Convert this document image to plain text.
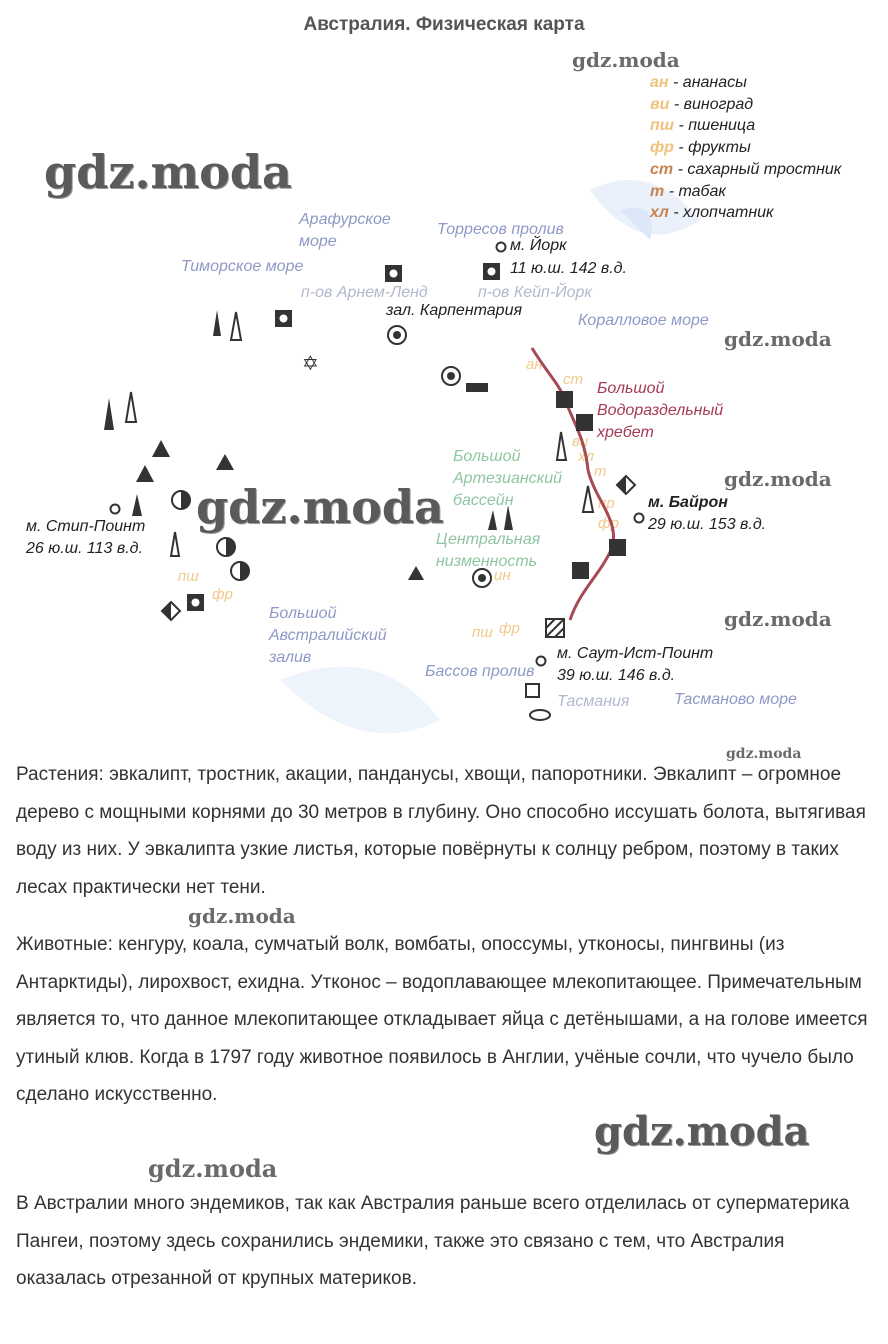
Австралия. Физическая карта
gdz.moda
gdz.moda
gdz.moda
gdz.moda
gdz.moda
gdz.moda
gdz.moda
gdz.moda
gdz.moda
gdz.moda
ан - ананасы
ви - виноград
пш - пшеница
фр - фрукты
ст - сахарный тростник
т - табак
хл - хлопчатник
Арафурское море
Торресов пролив
м. Йорк
11 ю.ш. 142 в.д.
Тиморское море
п-ов Арнем-Ленд	п-ов Кейп-Йорк
зал. Карпентария
Коралловое море
Большой Водораздельный хребет
Большой Артезианский бассейн	м. Байрон
29 ю.ш. 153 в.д.
м. Стип-Поинт
26 ю.ш. 113 в.д.
Центральная низменность
Большой Австралийский залив	м. Саут-Ист-Поинт
39 ю.ш. 146 в.д.
Бассов пролив
Тасмания	Тасманово море
ан
ст
ви
хл
т
пр
фр
пш
фр
пш фр
ин
✡

Растения: эвкалипт, тростник, акации, панданусы, хвощи, папоротники. Эвкалипт – огромное дерево с мощными корнями до 30 метров в глубину. Оно способно иссушать болота, вытягивая воду из них. У эвкалипта узкие листья, которые повёрнуты к солнцу ребром, поэтому в таких лесах практически нет тени.

Животные: кенгуру, коала, сумчатый волк, вомбаты, опоссумы, утконосы, пингвины (из Антарктиды), лирохвост, ехидна. Утконос – водоплавающее млекопитающее. Примечательным является то, что данное млекопитающее откладывает яйца с детёнышами, а на голове имеется утиный клюв. Когда в 1797 году животное появилось в Англии, учёные сочли, что чучело было сделано искусственно.

В Австралии много эндемиков, так как Австралия раньше всего отделилась от суперматерика Пангеи, поэтому здесь сохранились эндемики, также это связано с тем, что Австралия оказалась отрезанной от крупных материков.
